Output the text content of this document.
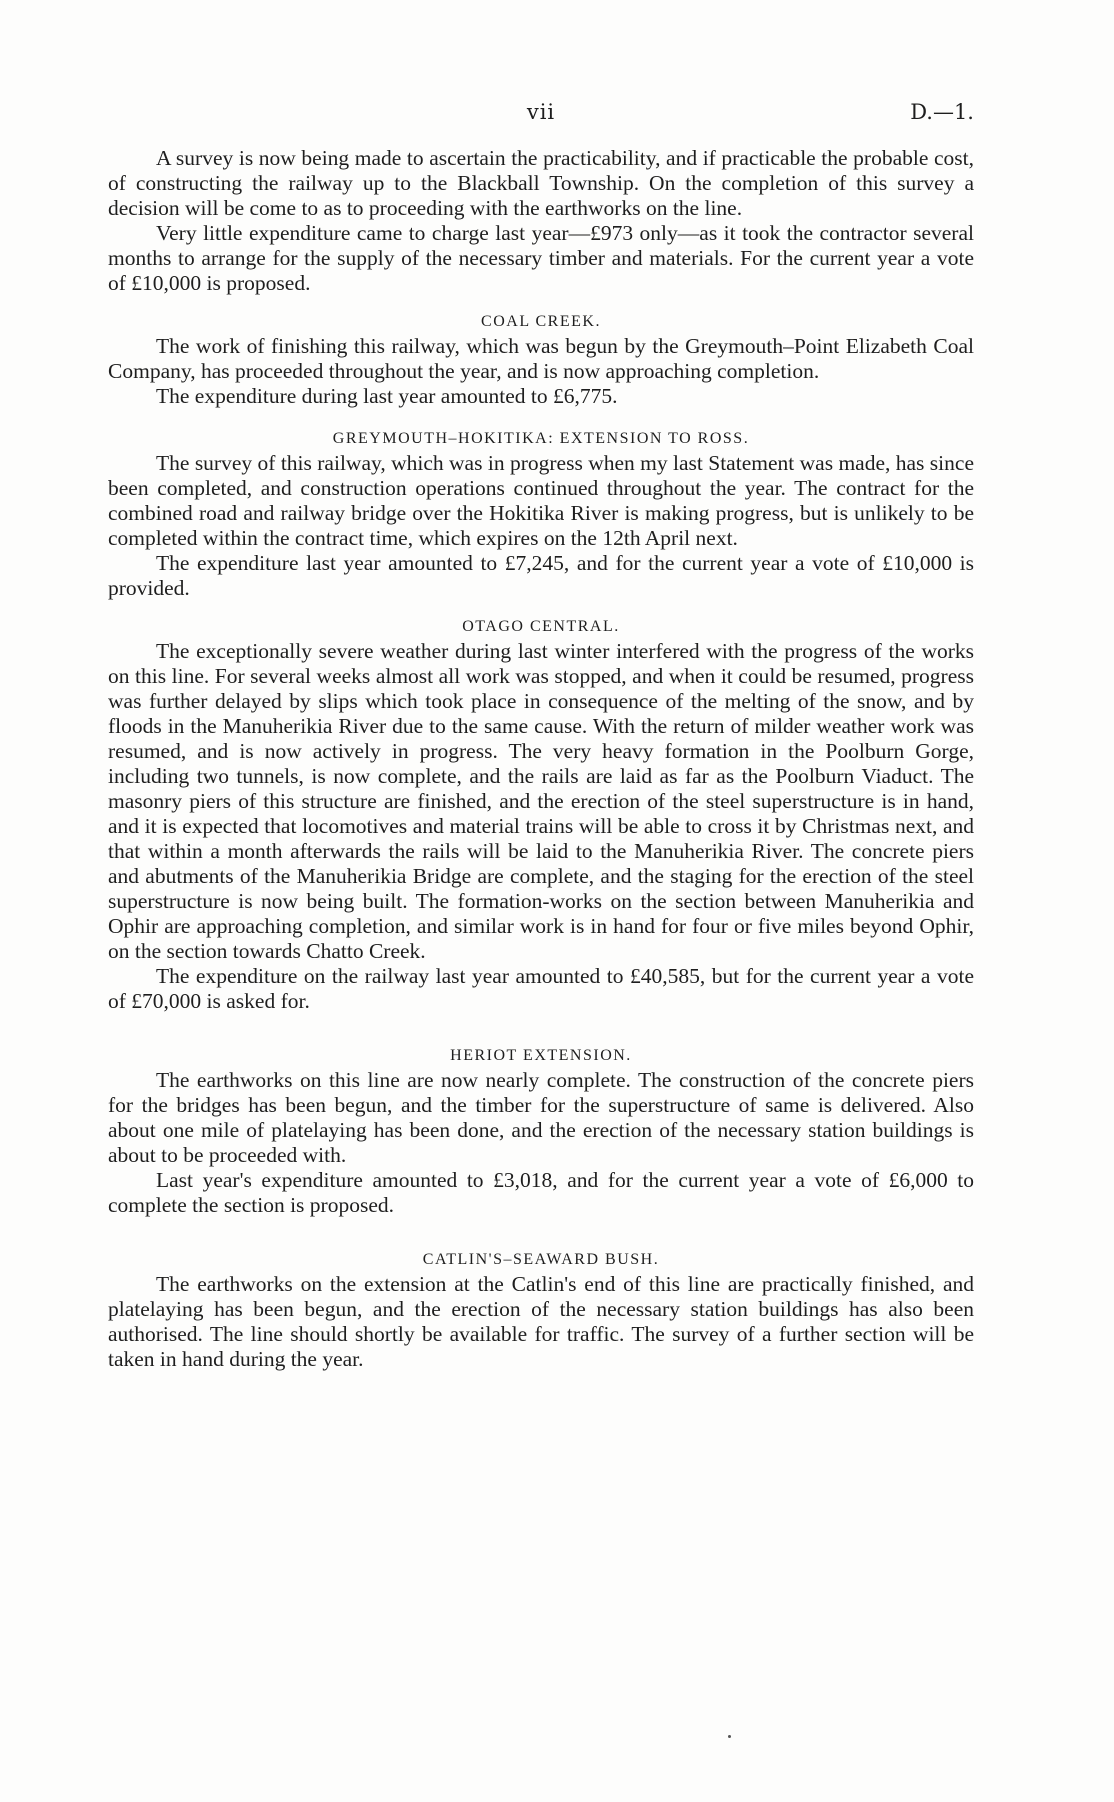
vii	D.—1.

A survey is now being made to ascertain the practicability, and if practicable the probable cost, of constructing the railway up to the Blackball Township. On the completion of this survey a decision will be come to as to proceeding with the earthworks on the line.

Very little expenditure came to charge last year—£973 only—as it took the contractor several months to arrange for the supply of the necessary timber and materials. For the current year a vote of £10,000 is proposed.

COAL CREEK.

The work of finishing this railway, which was begun by the Greymouth–Point Elizabeth Coal Company, has proceeded throughout the year, and is now approaching completion.

The expenditure during last year amounted to £6,775.

GREYMOUTH–HOKITIKA: EXTENSION TO ROSS.

The survey of this railway, which was in progress when my last Statement was made, has since been completed, and construction operations continued throughout the year. The contract for the combined road and railway bridge over the Hokitika River is making progress, but is unlikely to be completed within the contract time, which expires on the 12th April next.

The expenditure last year amounted to £7,245, and for the current year a vote of £10,000 is provided.

OTAGO CENTRAL.

The exceptionally severe weather during last winter interfered with the progress of the works on this line. For several weeks almost all work was stopped, and when it could be resumed, progress was further delayed by slips which took place in consequence of the melting of the snow, and by floods in the Manuherikia River due to the same cause. With the return of milder weather work was resumed, and is now actively in progress. The very heavy formation in the Poolburn Gorge, including two tunnels, is now complete, and the rails are laid as far as the Poolburn Viaduct. The masonry piers of this structure are finished, and the erection of the steel superstructure is in hand, and it is expected that locomotives and material trains will be able to cross it by Christmas next, and that within a month afterwards the rails will be laid to the Manuherikia River. The concrete piers and abutments of the Manuherikia Bridge are complete, and the staging for the erection of the steel superstructure is now being built. The formation-works on the section between Manuherikia and Ophir are approaching completion, and similar work is in hand for four or five miles beyond Ophir, on the section towards Chatto Creek.

The expenditure on the railway last year amounted to £40,585, but for the current year a vote of £70,000 is asked for.

HERIOT EXTENSION.

The earthworks on this line are now nearly complete. The construction of the concrete piers for the bridges has been begun, and the timber for the superstructure of same is delivered. Also about one mile of platelaying has been done, and the erection of the necessary station buildings is about to be proceeded with.

Last year's expenditure amounted to £3,018, and for the current year a vote of £6,000 to complete the section is proposed.

CATLIN'S–SEAWARD BUSH.

The earthworks on the extension at the Catlin's end of this line are practically finished, and platelaying has been begun, and the erection of the necessary station buildings has also been authorised. The line should shortly be available for traffic. The survey of a further section will be taken in hand during the year.
